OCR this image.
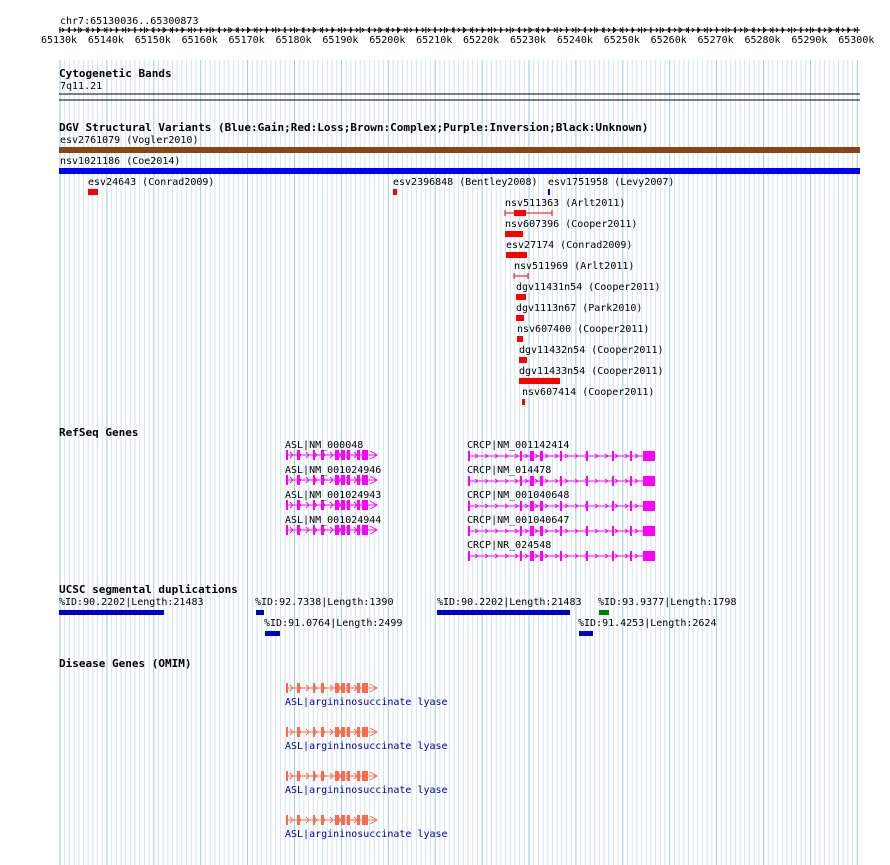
chr7:65130036..65300873
65130k 65140k 65150k 65160k 65170k 65180k 65190k 65200k 65210k 65220k 65230k 65240k 65250k 65260k 65270k 65280k 65290k 65300k
Cytogenetic Bands
7q11.21
DGV Structural Variants (Blue:Gain;Red:Loss;Brown:Complex;Purple:Inversion;Black:Unknown)
esv2761079 (Vogler2010)
nsv1021186 (Coe2014)
esv24643 (Conrad2009)	esv2396848 (Bentley2008) esv1751958 (Levy2007)
nsv511363 (Arlt2011)
nsv607396 (Cooper2011)
esv27174 (Conrad2009)
nsv511969 (Arlt2011)
dgv11431n54 (Cooper2011)
dgv1113n67 (Park2010)
nsv607400 (Cooper2011)
dgv11432n54 (Cooper2011)
dgv11433n54 (Cooper2011)
nsv607414 (Cooper2011)
RefSeq Genes
ASL|NM_000048
ASL|NM_001024946
ASL|NM_001024943
ASL|NM_001024944
CRCP|NM_001142414
CRCP|NM_014478
CRCP|NM_001040648
CRCP|NM_001040647
CRCP|NR_024548
UCSC segmental duplications
%ID:90.2202|Length:21483	%ID:92.7338|Length:1390
%ID:91.0764|Length:2499
%ID:90.2202|Length:21483 %ID:93.9377|Length:1798
%ID:91.4253|Length:2624
Disease Genes (OMIM)
ASL|argininosuccinate lyase
ASL|argininosuccinate lyase
ASL|argininosuccinate lyase
ASL|argininosuccinate lyase
